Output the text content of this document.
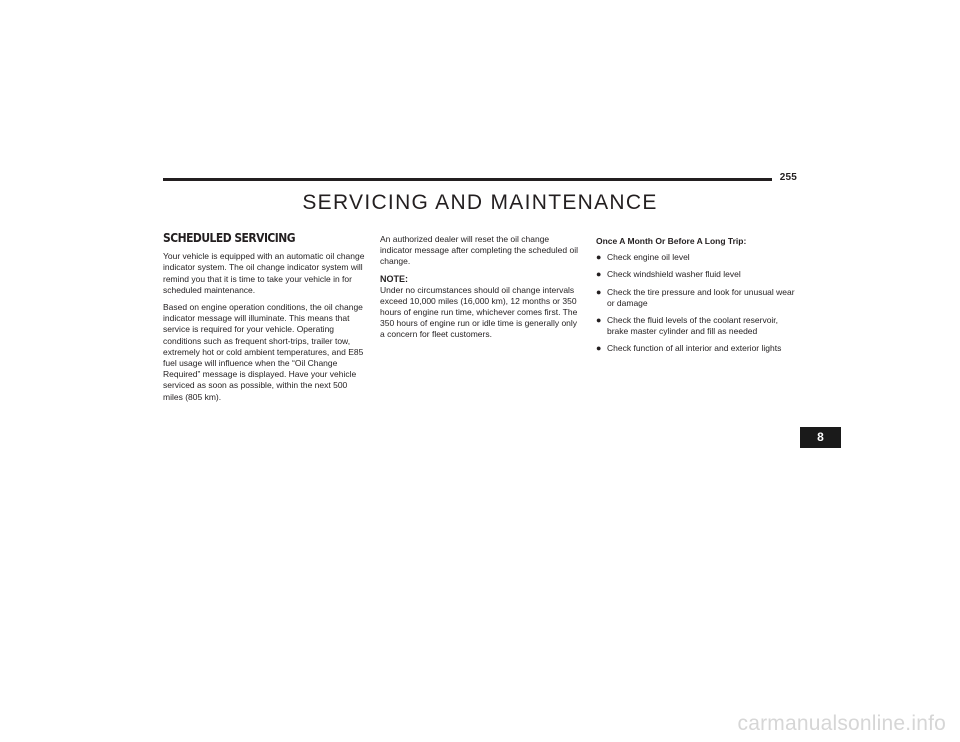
255
SERVICING AND MAINTENANCE
SCHEDULED SERVICING

Your vehicle is equipped with an automatic oil change indicator system. The oil change indicator system will remind you that it is time to take your vehicle in for scheduled maintenance.

Based on engine operation conditions, the oil change indicator message will illuminate. This means that service is required for your vehicle. Operating conditions such as frequent short-trips, trailer tow, extremely hot or cold ambient temperatures, and E85 fuel usage will influence when the “Oil Change Required” message is displayed. Have your vehicle serviced as soon as possible, within the next 500 miles (805 km).

An authorized dealer will reset the oil change indicator message after completing the scheduled oil change.

NOTE:

Under no circumstances should oil change intervals exceed 10,000 miles (16,000 km), 12 months or 350 hours of engine run time, whichever comes first. The 350 hours of engine run or idle time is generally only a concern for fleet customers.

Once A Month Or Before A Long Trip:
● Check engine oil level
● Check windshield washer fluid level
● Check the tire pressure and look for unusual wear or damage
● Check the fluid levels of the coolant reservoir, brake master cylinder and fill as needed
● Check function of all interior and exterior lights
8
carmanualsonline.info
